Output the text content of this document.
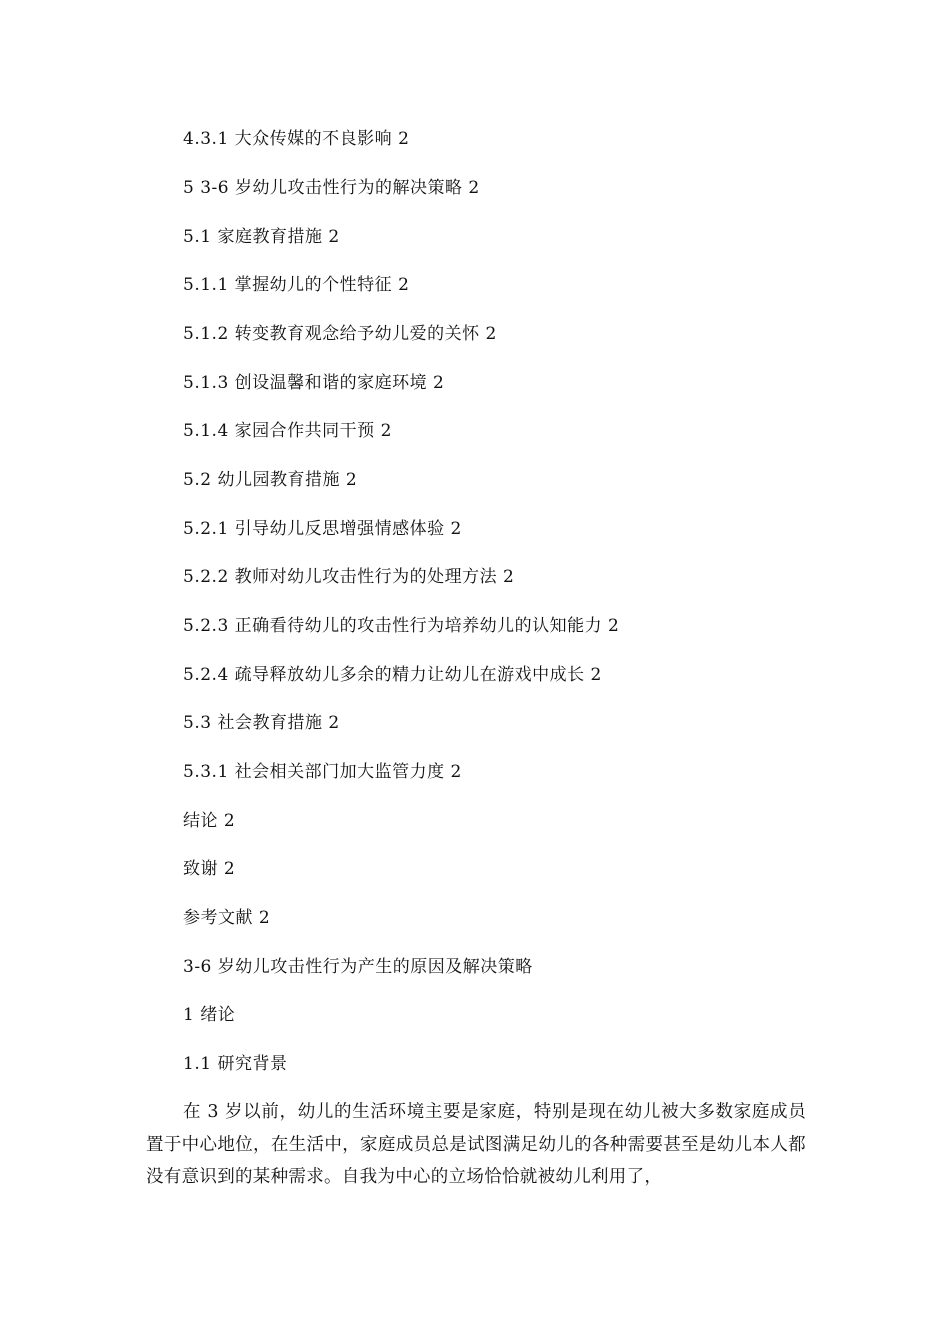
4.3.1 大众传媒的不良影响 2
5 3-6 岁幼儿攻击性行为的解决策略 2
5.1 家庭教育措施 2
5.1.1 掌握幼儿的个性特征 2
5.1.2 转变教育观念给予幼儿爱的关怀 2
5.1.3 创设温馨和谐的家庭环境 2
5.1.4 家园合作共同干预 2
5.2 幼儿园教育措施 2
5.2.1 引导幼儿反思增强情感体验 2
5.2.2 教师对幼儿攻击性行为的处理方法 2
5.2.3 正确看待幼儿的攻击性行为培养幼儿的认知能力 2
5.2.4 疏导释放幼儿多余的精力让幼儿在游戏中成长 2
5.3 社会教育措施 2
5.3.1 社会相关部门加大监管力度 2
结论 2
致谢 2
参考文献 2
3-6 岁幼儿攻击性行为产生的原因及解决策略
1 绪论
1.1 研究背景
在 3 岁以前，幼儿的生活环境主要是家庭，特别是现在幼儿被大多数家庭成员置于中心地位，在生活中，家庭成员总是试图满足幼儿的各种需要甚至是幼儿本人都没有意识到的某种需求。自我为中心的立场恰恰就被幼儿利用了，
